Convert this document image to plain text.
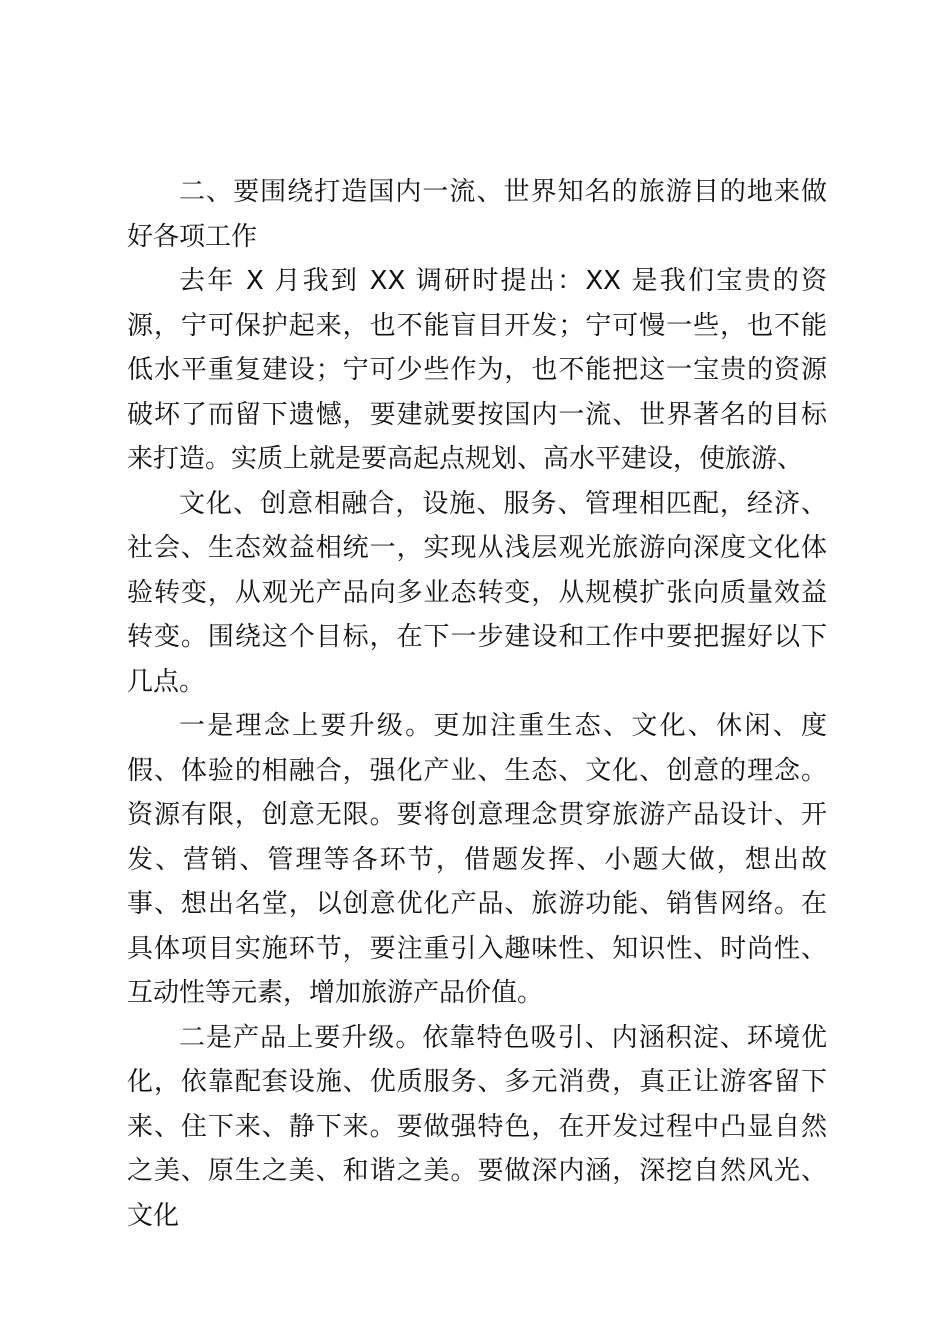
二、要围绕打造国内一流、世界知名的旅游目的地来做好各项工作

去年 X 月我到 XX 调研时提出：XX 是我们宝贵的资源，宁可保护起来，也不能盲目开发；宁可慢一些，也不能低水平重复建设；宁可少些作为，也不能把这一宝贵的资源破坏了而留下遗憾，要建就要按国内一流、世界著名的目标来打造。实质上就是要高起点规划、高水平建设，使旅游、

文化、创意相融合，设施、服务、管理相匹配，经济、社会、生态效益相统一，实现从浅层观光旅游向深度文化体验转变，从观光产品向多业态转变，从规模扩张向质量效益转变。围绕这个目标，在下一步建设和工作中要把握好以下几点。

一是理念上要升级。更加注重生态、文化、休闲、度假、体验的相融合，强化产业、生态、文化、创意的理念。资源有限，创意无限。要将创意理念贯穿旅游产品设计、开发、营销、管理等各环节，借题发挥、小题大做，想出故事、想出名堂，以创意优化产品、旅游功能、销售网络。在具体项目实施环节，要注重引入趣味性、知识性、时尚性、互动性等元素，增加旅游产品价值。

二是产品上要升级。依靠特色吸引、内涵积淀、环境优化，依靠配套设施、优质服务、多元消费，真正让游客留下来、住下来、静下来。要做强特色，在开发过程中凸显自然之美、原生之美、和谐之美。要做深内涵，深挖自然风光、文化
